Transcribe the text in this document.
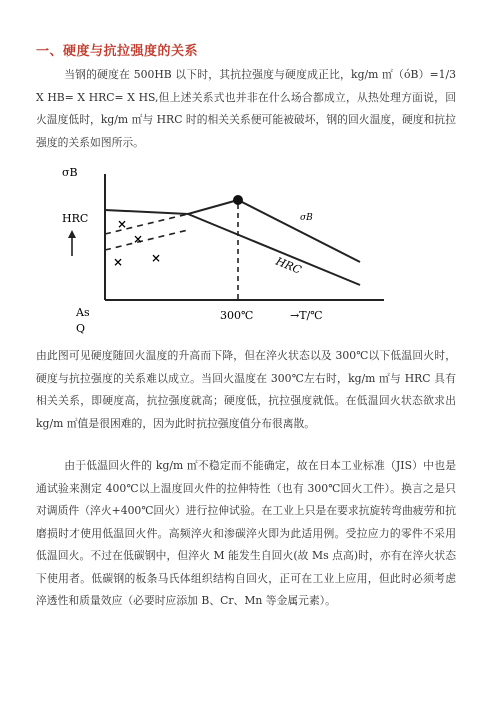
一、硬度与抗拉强度的关系
当钢的硬度在 500HB 以下时，其抗拉强度与硬度成正比，kg/m ㎡（óB）=1/3 X HB= X HRC= X HS,但上述关系式也并非在什么场合都成立，从热处理方面说，回火温度低时，kg/m ㎡与 HRC 时的相关关系便可能被破坏，钢的回火温度，硬度和抗拉强度的关系如图所示。
×
×
×
×
σB
HRC	σB
HRC
As
Q
300℃	→T/℃
由此图可见硬度随回火温度的升高而下降，但在淬火状态以及 300℃以下低温回火时，硬度与抗拉强度的关系难以成立。当回火温度在 300℃左右时，kg/m ㎡与 HRC 具有相关关系，即硬度高，抗拉强度就高；硬度低，抗拉强度就低。在低温回火状态欲求出 kg/m ㎡值是很困难的，因为此时抗拉强度值分布很离散。
由于低温回火件的 kg/m ㎡不稳定而不能确定，故在日本工业标准（JIS）中也是通试验来测定 400℃以上温度回火件的拉伸特性（也有 300℃回火工件）。换言之是只对调质件（淬火+400℃回火）进行拉伸试验。在工业上只是在要求抗旋转弯曲疲劳和抗磨损时才使用低温回火件。高频淬火和渗碳淬火即为此适用例。受拉应力的零件不采用低温回火。不过在低碳钢中，但淬火 M 能发生自回火(故 Ms 点高)时，亦有在淬火状态下使用者。低碳钢的板条马氏体组织结构自回火，正可在工业上应用，但此时必须考虑淬透性和质量效应（必要时应添加 B、Cr、Mn 等金属元素）。
